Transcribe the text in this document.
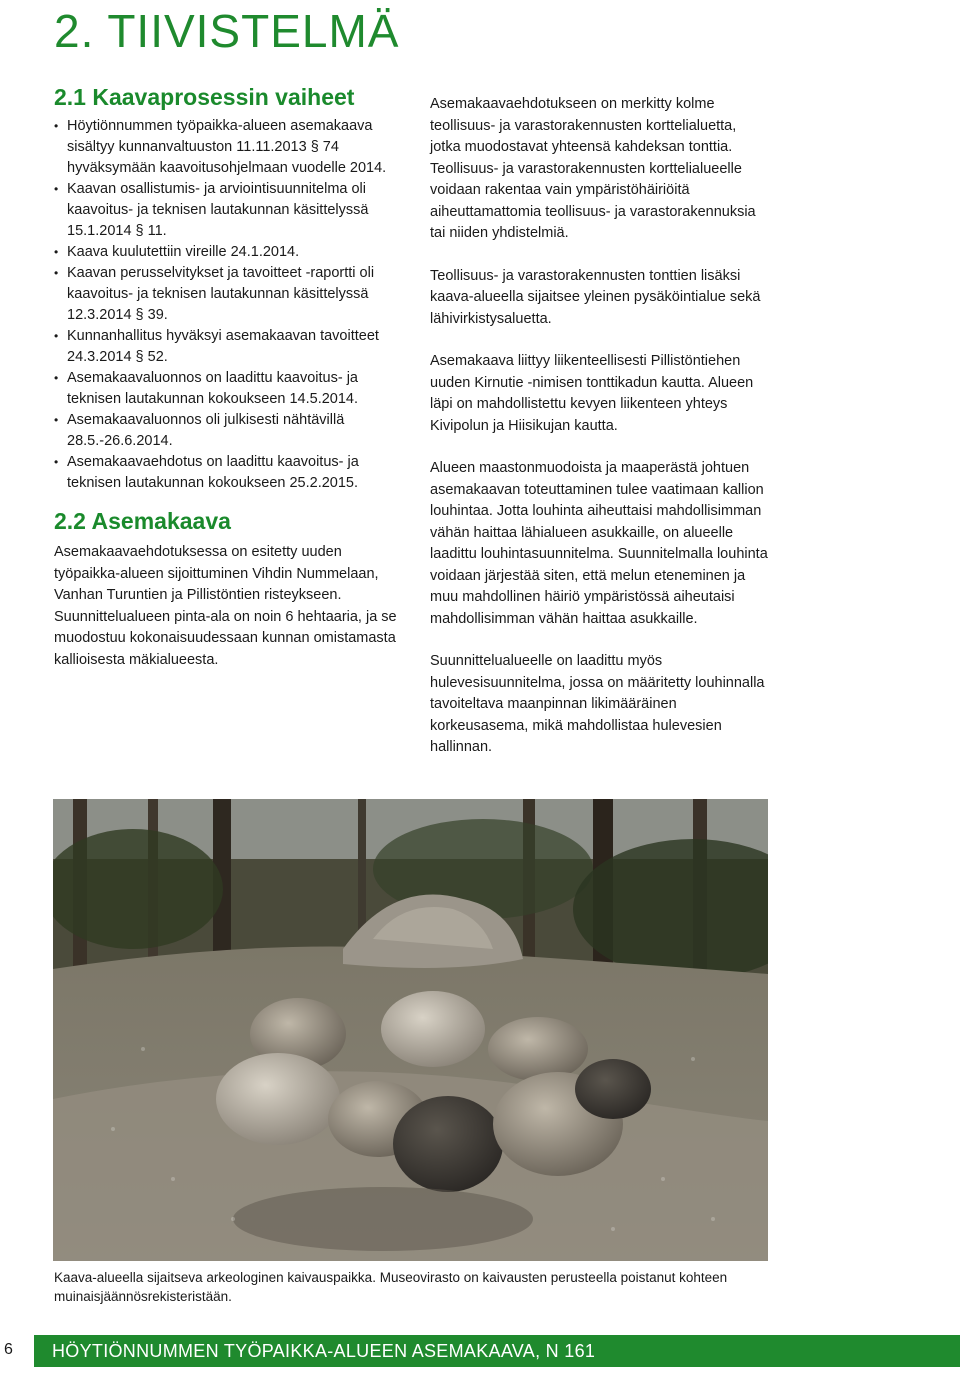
2. TIIVISTELMÄ
2.1 Kaavaprosessin vaiheet
• Höytiönnummen työpaikka-alueen asemakaava sisältyy kunnanvaltuuston 11.11.2013 § 74 hyväksymään kaavoitusohjelmaan vuodelle 2014.
• Kaavan osallistumis- ja arviointisuunnitelma oli kaavoitus- ja teknisen lautakunnan käsittelyssä 15.1.2014 § 11.
• Kaava kuulutettiin vireille 24.1.2014.
• Kaavan perusselvitykset ja tavoitteet -raportti oli kaavoitus- ja teknisen lautakunnan käsittelyssä 12.3.2014 § 39.
• Kunnanhallitus hyväksyi asemakaavan tavoitteet 24.3.2014 § 52.
• Asemakaavaluonnos on laadittu kaavoitus- ja teknisen lautakunnan kokoukseen 14.5.2014.
• Asemakaavaluonnos oli julkisesti nähtävillä 28.5.-26.6.2014.
• Asemakaavaehdotus on laadittu kaavoitus- ja teknisen lautakunnan kokoukseen 25.2.2015.
2.2 Asemakaava

Asemakaavaehdotuksessa on esitetty uuden työpaikka-alueen sijoittuminen Vihdin Nummelaan, Vanhan Turuntien ja Pillistöntien risteykseen. Suunnittelualueen pinta-ala on noin 6 hehtaaria, ja se muodostuu kokonaisuudessaan kunnan omistamasta kallioisesta mäkialueesta.

Asemakaavaehdotukseen on merkitty kolme teollisuus- ja varastorakennusten korttelialuetta, jotka muodostavat yhteensä kahdeksan tonttia. Teollisuus- ja varastorakennusten korttelialueelle voidaan rakentaa vain ympäristöhäiriöitä aiheuttamattomia teollisuus- ja varastorakennuksia tai niiden yhdistelmiä.

Teollisuus- ja varastorakennusten tonttien lisäksi kaava-alueella sijaitsee yleinen pysäköintialue sekä lähivirkistysaluetta.

Asemakaava liittyy liikenteellisesti Pillistöntiehen uuden Kirnutie -nimisen tonttikadun kautta. Alueen läpi on mahdollistettu kevyen liikenteen yhteys Kivipolun ja Hiisikujan kautta.

Alueen maastonmuodoista ja maaperästä johtuen asemakaavan toteuttaminen tulee vaatimaan kallion louhintaa. Jotta louhinta aiheuttaisi mahdollisimman vähän haittaa lähialueen asukkaille, on alueelle laadittu louhintasuunnitelma. Suunnitelmalla louhinta voidaan järjestää siten, että melun eteneminen ja muu mahdollinen häiriö ympäristössä aiheutaisi mahdollisimman vähän haittaa asukkaille.

Suunnittelualueelle on laadittu myös hulevesisuunnitelma, jossa on määritetty louhinnalla tavoiteltava maanpinnan likimääräinen korkeusasema, mikä mahdollistaa hulevesien hallinnan.

Kaava-alueella sijaitseva arkeologinen kaivauspaikka. Museovirasto on kaivausten perusteella poistanut kohteen muinaisjäännösrekisteristään.
6 HÖYTIÖNNUMMEN TYÖPAIKKA-ALUEEN ASEMAKAAVA, N 161
